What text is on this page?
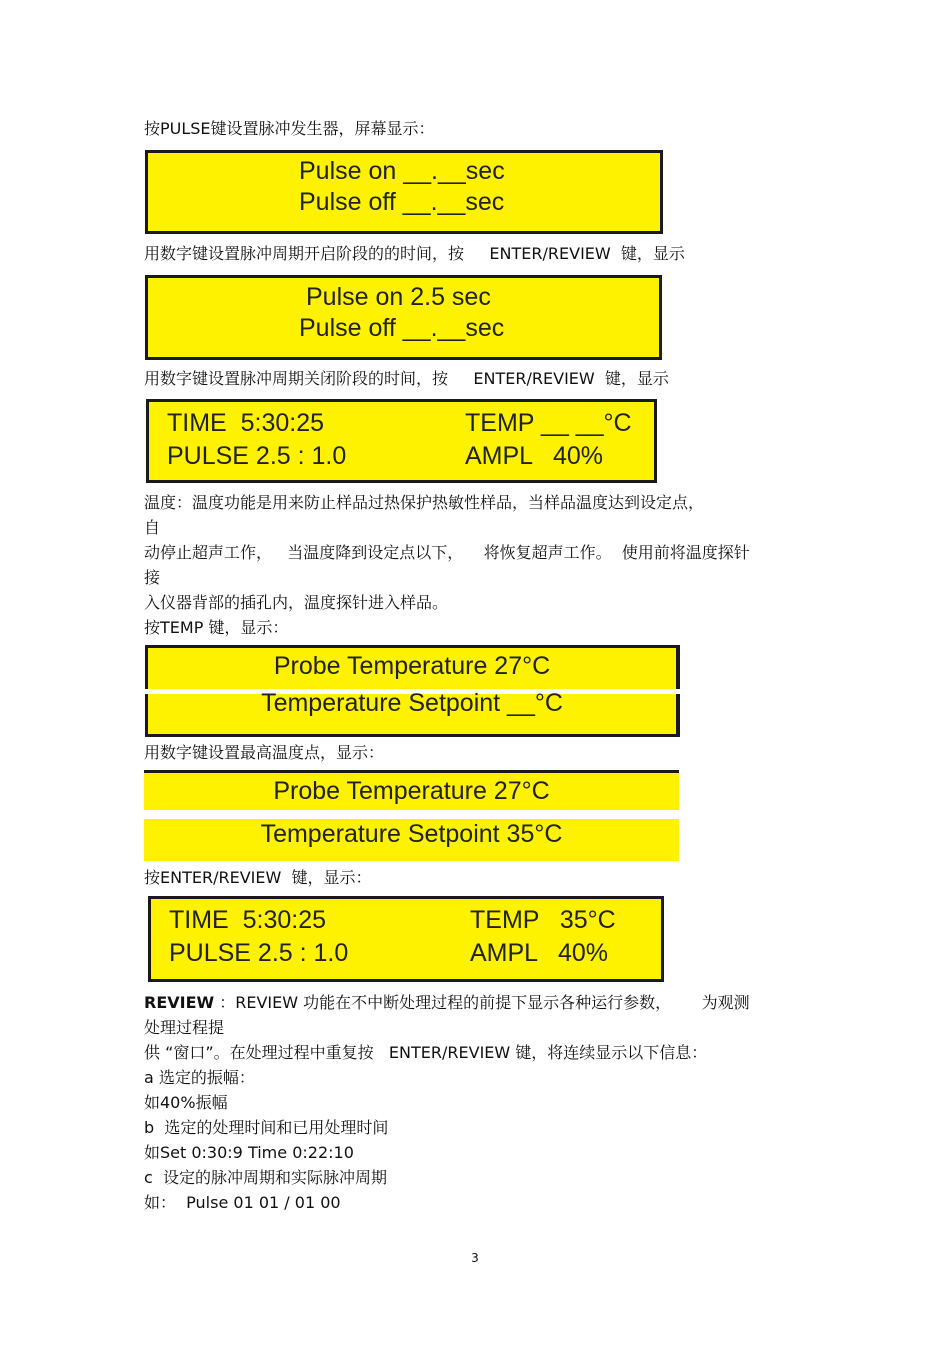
按PULSE键设置脉冲发生器，屏幕显示：
Pulse on __.__sec
Pulse off __.__sec
用数字键设置脉冲周期开启阶段的的时间，按     ENTER/REVIEW  键，显示
Pulse on 2.5 sec
Pulse off __.__sec
用数字键设置脉冲周期关闭阶段的时间，按     ENTER/REVIEW  键，显示
TIME  5:30:25
PULSE 2.5 : 1.0
TEMP __ __°C
AMPL   40%
温度：温度功能是用来防止样品过热保护热敏性样品，当样品温度达到设定点，
自
动停止超声工作，   当温度降到设定点以下，    将恢复超声工作。  使用前将温度探针
接
入仪器背部的插孔内，温度探针进入样品。
按TEMP 键，显示：
Probe Temperature 27°C
Temperature Setpoint __°C
用数字键设置最高温度点，显示：
Probe Temperature 27°C
Temperature Setpoint 35°C
按ENTER/REVIEW  键，显示：
TIME  5:30:25
PULSE 2.5 : 1.0
TEMP   35°C
AMPL   40%
REVIEW ：REVIEW 功能在不中断处理过程的前提下显示各种运行参数，      为观测
处理过程提
供 “窗口”。在处理过程中重复按   ENTER/REVIEW 键，将连续显示以下信息：
a 选定的振幅：
如40%振幅
b  选定的处理时间和已用处理时间
如Set 0:30:9 Time 0:22:10
c  设定的脉冲周期和实际脉冲周期
如：  Pulse 01 01 / 01 00
3
